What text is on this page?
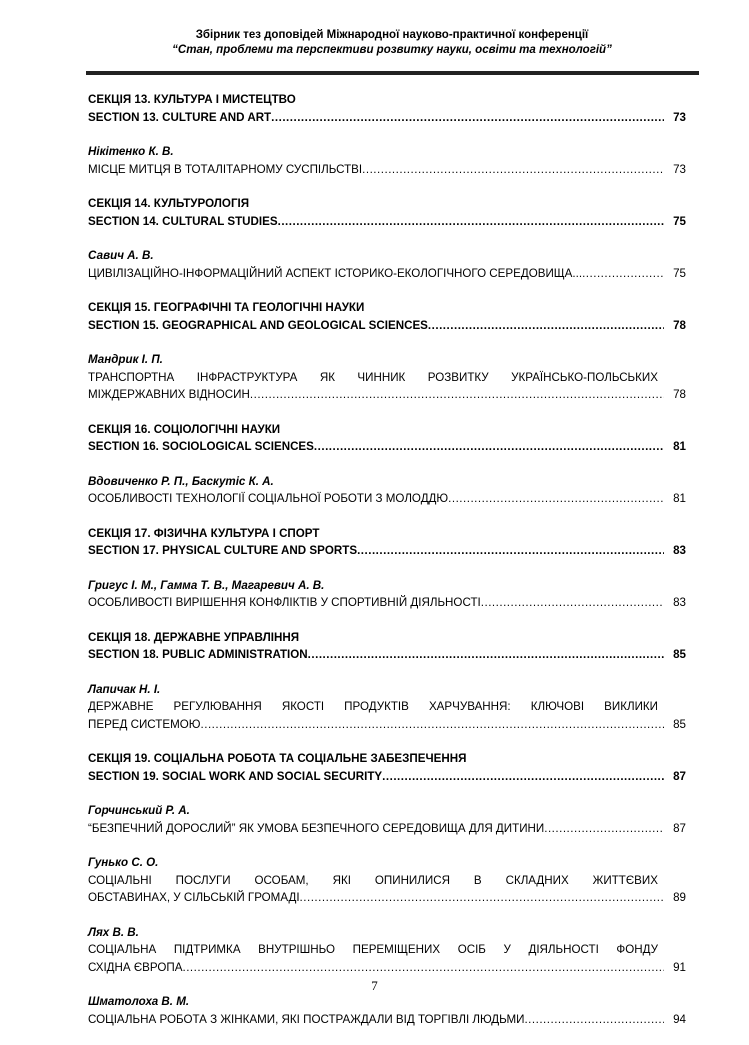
Збірник тез доповідей Міжнародної науково-практичної конференції
“Стан, проблеми та перспективи розвитку науки, освіти та технологій”
СЕКЦІЯ 13. КУЛЬТУРА І МИСТЕЦТВО
SECTION 13. CULTURE AND ART .....	73
Нікітенко К. В.
МІСЦЕ МИТЦЯ В ТОТАЛІТАРНОМУ СУСПІЛЬСТВІ .....	73
СЕКЦІЯ 14. КУЛЬТУРОЛОГІЯ
SECTION 14. CULTURAL STUDIES .....	75
Савич А. В.
ЦИВІЛІЗАЦІЙНО-ІНФОРМАЦІЙНИЙ АСПЕКТ ІСТОРИКО-ЕКОЛОГІЧНОГО СЕРЕДОВИЩА... .....	75
СЕКЦІЯ 15. ГЕОГРАФІЧНІ ТА ГЕОЛОГІЧНІ НАУКИ
SECTION 15. GEOGRAPHICAL AND GEOLOGICAL SCIENCES .....	78
Мандрик І. П.
ТРАНСПОРТНА ІНФРАСТРУКТУРА ЯК ЧИННИК РОЗВИТКУ УКРАЇНСЬКО-ПОЛЬСЬКИХ
МІЖДЕРЖАВНИХ ВІДНОСИН .....	78
СЕКЦІЯ 16. СОЦІОЛОГІЧНІ НАУКИ
SECTION 16. SOCIOLOGICAL SCIENCES .....	81
Вдовиченко Р. П., Баскутіс К. А.
ОСОБЛИВОСТІ ТЕХНОЛОГІЇ СОЦІАЛЬНОЇ РОБОТИ З МОЛОДДЮ .....	81
СЕКЦІЯ 17. ФІЗИЧНА КУЛЬТУРА І СПОРТ
SECTION 17. PHYSICAL CULTURE AND SPORTS .....	83
Григус І. М., Гамма Т. В., Магаревич А. В.
ОСОБЛИВОСТІ ВИРІШЕННЯ КОНФЛІКТІВ У СПОРТИВНІЙ ДІЯЛЬНОСТІ .....	83
СЕКЦІЯ 18. ДЕРЖАВНЕ УПРАВЛІННЯ
SECTION 18. PUBLIC ADMINISTRATION .....	85
Лапичак Н. І.
ДЕРЖАВНЕ РЕГУЛЮВАННЯ ЯКОСТІ ПРОДУКТІВ ХАРЧУВАННЯ: КЛЮЧОВІ ВИКЛИКИ
ПЕРЕД СИСТЕМОЮ .....	85
СЕКЦІЯ 19. СОЦІАЛЬНА РОБОТА ТА СОЦІАЛЬНЕ ЗАБЕЗПЕЧЕННЯ
SECTION 19. SOCIAL WORK AND SOCIAL SECURITY .....	87
Горчинський Р. А.
“БЕЗПЕЧНИЙ ДОРОСЛИЙ” ЯК УМОВА БЕЗПЕЧНОГО СЕРЕДОВИЩА ДЛЯ ДИТИНИ .....	87
Гунько С. О.
СОЦІАЛЬНІ ПОСЛУГИ ОСОБАМ, ЯКІ ОПИНИЛИСЯ В СКЛАДНИХ ЖИТТЄВИХ
ОБСТАВИНАХ, У СІЛЬСЬКІЙ ГРОМАДІ .....	89
Лях В. В.
СОЦІАЛЬНА ПІДТРИМКА ВНУТРІШНЬО ПЕРЕМІЩЕНИХ ОСІБ У ДІЯЛЬНОСТІ ФОНДУ
СХІДНА ЄВРОПА .....	91
Шматолоха В. М.
СОЦІАЛЬНА РОБОТА З ЖІНКАМИ, ЯКІ ПОСТРАЖДАЛИ ВІД ТОРГІВЛІ ЛЮДЬМИ .....	94
7
